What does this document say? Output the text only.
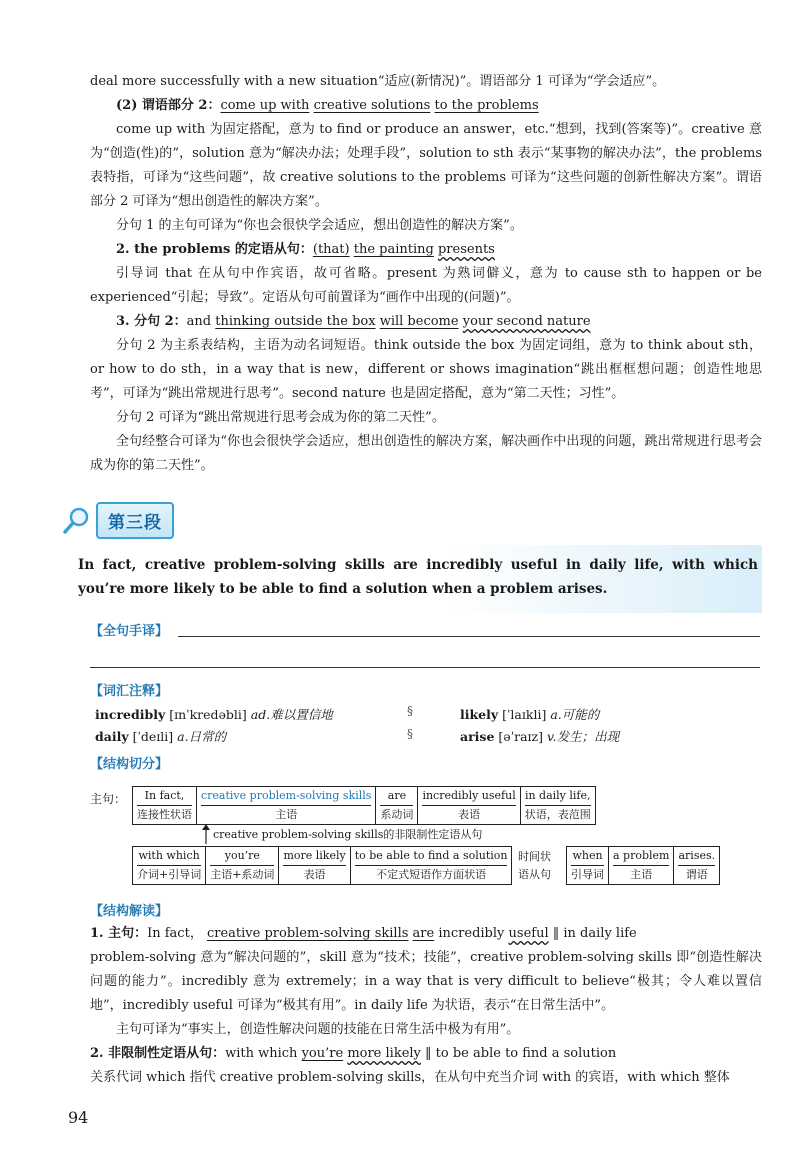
deal more successfully with a new situation“适应(新情况)”。谓语部分 1 可译为“学会适应”。

(2) 谓语部分 2：come up with creative solutions to the problems

come up with 为固定搭配，意为 to find or produce an answer，etc.“想到，找到(答案等)”。creative 意为“创造(性)的”，solution 意为“解决办法；处理手段”，solution to sth 表示“某事物的解决办法”，the problems 表特指，可译为“这些问题”，故 creative solutions to the problems 可译为“这些问题的创新性解决方案”。谓语部分 2 可译为“想出创造性的解决方案”。

分句 1 的主句可译为“你也会很快学会适应，想出创造性的解决方案”。

2. the problems 的定语从句：(that) the painting presents

引导词 that 在从句中作宾语，故可省略。present 为熟词僻义，意为 to cause sth to happen or be experienced“引起；导致”。定语从句可前置译为“画作中出现的(问题)”。

3. 分句 2：and thinking outside the box will become your second nature

分句 2 为主系表结构，主语为动名词短语。think outside the box 为固定词组，意为 to think about sth，or how to do sth，in a way that is new，different or shows imagination“跳出框框想问题；创造性地思考”，可译为“跳出常规进行思考”。second nature 也是固定搭配，意为“第二天性；习性”。

分句 2 可译为“跳出常规进行思考会成为你的第二天性”。

全句经整合可译为“你也会很快学会适应，想出创造性的解决方案，解决画作中出现的问题，跳出常规进行思考会成为你的第二天性”。

第三段

In fact, creative problem-solving skills are incredibly useful in daily life, with which you’re more likely to be able to find a solution when a problem arises.

【全句手译】
【词汇注释】
incredibly [ɪnˈkredəbli] ad.难以置信地
daily [ˈdeɪli] a.日常的
§
§
likely [ˈlaɪkli] a.可能的
arise [əˈraɪz] v.发生；出现
【结构切分】
主句： In fact,
连接性状语
creative problem-solving skills
主语
are
系动词
incredibly useful
表语
in daily life,
状语，表范围
creative problem-solving skills的非限制性定语从句
with which
介词+引导词
you’re
主语+系动词
more likely
表语
to be able to find a solution
不定式短语作方面状语
时间状
语从句
when
引导词
a problem
主语
arises.
谓语
【结构解读】

1. 主句：In fact， creative problem-solving skills are incredibly useful ‖ in daily life

problem-solving 意为“解决问题的”，skill 意为“技术；技能”，creative problem-solving skills 即“创造性解决问题的能力”。incredibly 意为 extremely；in a way that is very difficult to believe“极其；令人难以置信地”，incredibly useful 可译为“极其有用”。in daily life 为状语，表示“在日常生活中”。

主句可译为“事实上，创造性解决问题的技能在日常生活中极为有用”。

2. 非限制性定语从句：with which you’re more likely ‖ to be able to find a solution

关系代词 which 指代 creative problem-solving skills，在从句中充当介词 with 的宾语，with which 整体

94
